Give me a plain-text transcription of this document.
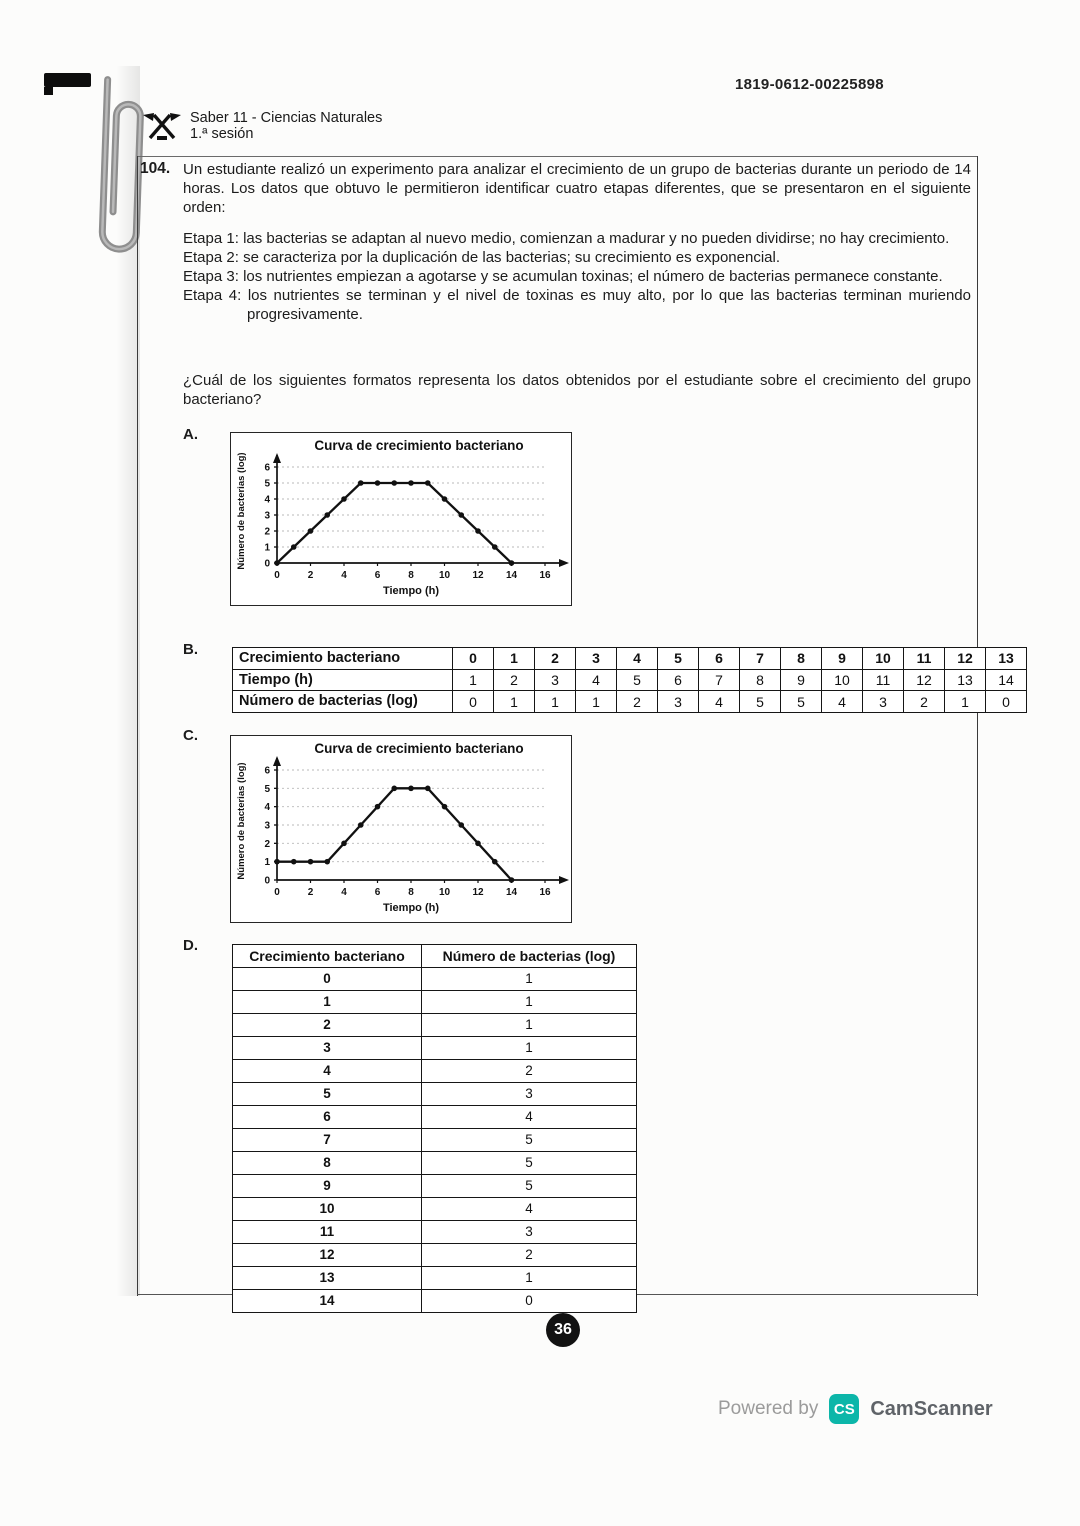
1819-0612-00225898
Saber 11 - Ciencias Naturales
1.ª sesión
104. Un estudiante realizó un experimento para analizar el crecimiento de un grupo de bacterias durante un periodo de 14 horas. Los datos que obtuvo le permitieron identificar cuatro etapas diferentes, que se presentaron en el siguiente orden:
Etapa 1: las bacterias se adaptan al nuevo medio, comienzan a madurar y no pueden dividirse; no hay crecimiento.
Etapa 2: se caracteriza por la duplicación de las bacterias; su crecimiento es exponencial.
Etapa 3: los nutrientes empiezan a agotarse y se acumulan toxinas; el número de bacterias permanece constante.
Etapa 4: los nutrientes se terminan y el nivel de toxinas es muy alto, por lo que las bacterias terminan muriendo progresivamente.
¿Cuál de los siguientes formatos representa los datos obtenidos por el estudiante sobre el crecimiento del grupo bacteriano?
A.
Curva de crecimiento bacteriano
0
1
2
3
4
5
6
0	2	4	6	8	10 12 14 16
Número de bacterias (log)
Tiempo (h)
B.	Crecimiento bacteriano	0	1	2	3	4	5	6	7	8	9	10	11	12	13
Tiempo (h)	1	2	3	4	5	6	7	8	9	10	11	12	13	14
Número de bacterias (log)	0	1	1	1	2	3	4	5	5	4	3	2	1	0
C.
Curva de crecimiento bacteriano
0
1
2
3
4
5
6
0	2	4	6	8	10 12 14 16
Número de bacterias (log)
Tiempo (h)
D.
Crecimiento bacteriano	Número de bacterias (log)
0	1
1	1
2	1
3	1
4	2
5	3
6	4
7	5
8	5
9	5
10	4
11	3
12	2
13	1
14	0
36
Powered by	CS CamScanner
